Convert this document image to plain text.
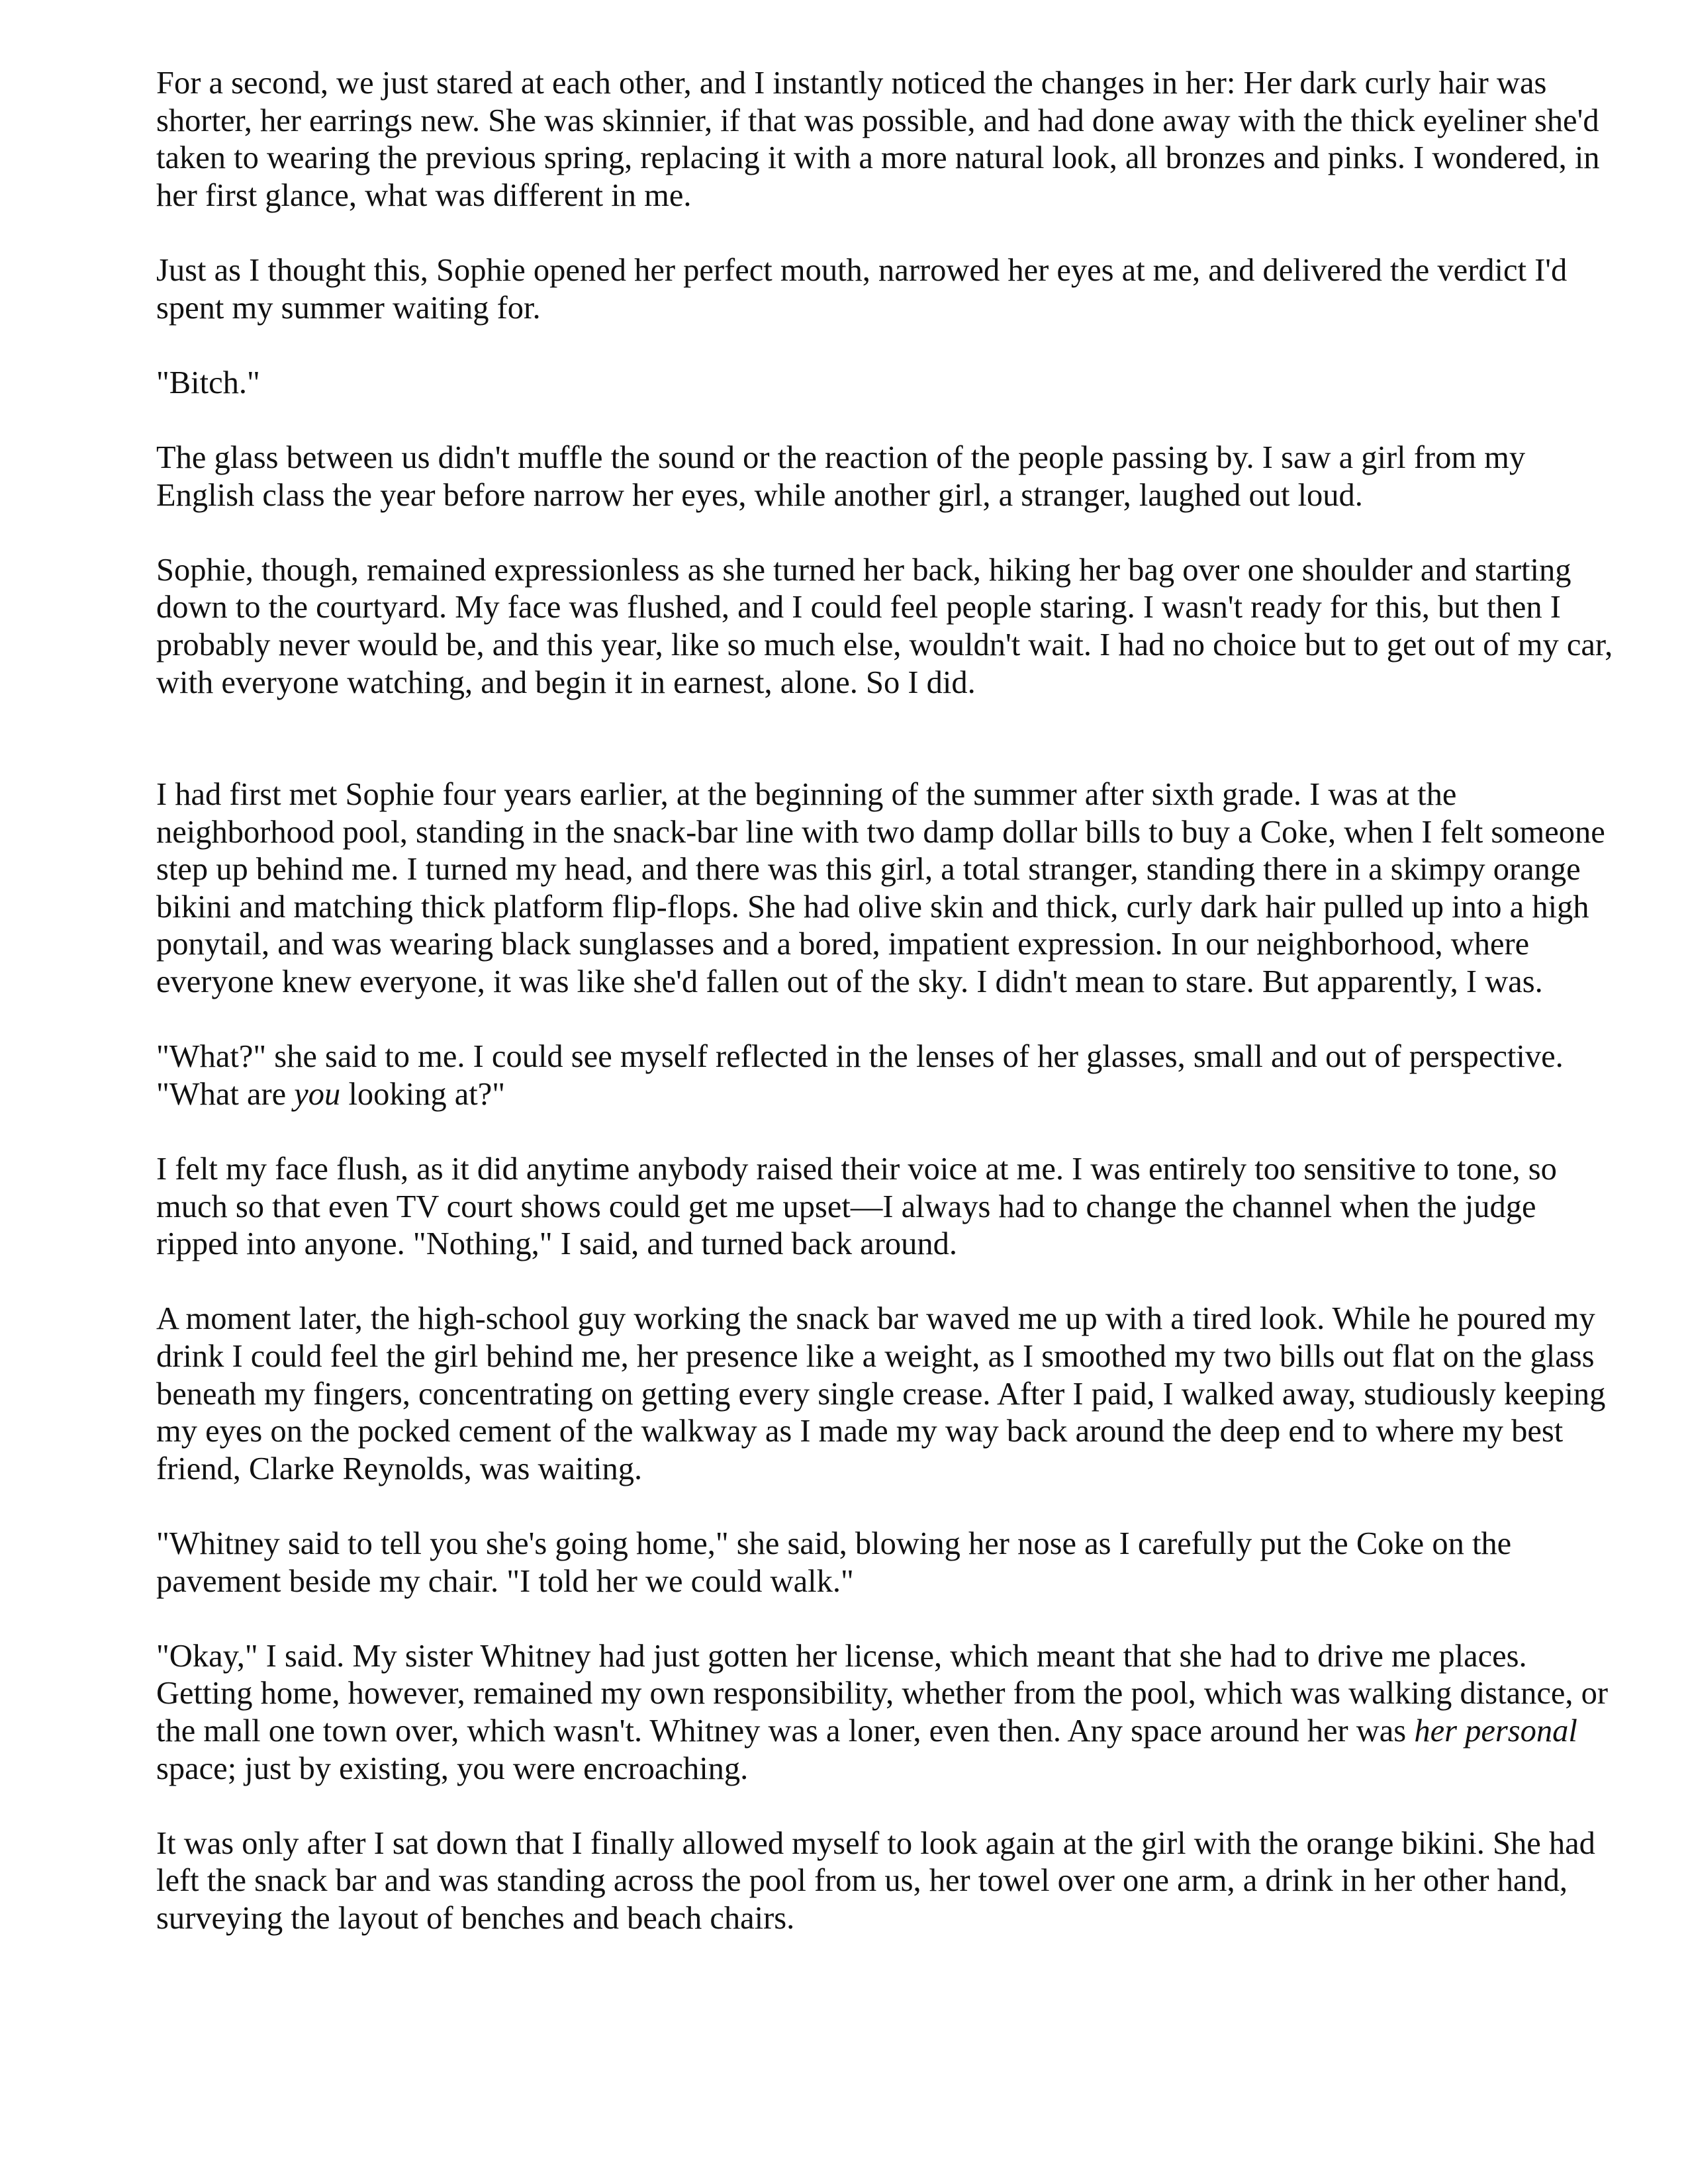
For a second, we just stared at each other, and I instantly noticed the changes in her: Her dark curly hair was shorter, her earrings new. She was skinnier, if that was possible, and had done away with the thick eyeliner she'd taken to wearing the previous spring, replacing it with a more natural look, all bronzes and pinks. I wondered, in her first glance, what was different in me.

Just as I thought this, Sophie opened her perfect mouth, narrowed her eyes at me, and delivered the verdict I'd spent my summer waiting for.

"Bitch."

The glass between us didn't muffle the sound or the reaction of the people passing by. I saw a girl from my English class the year before narrow her eyes, while another girl, a stranger, laughed out loud.

Sophie, though, remained expressionless as she turned her back, hiking her bag over one shoulder and starting down to the courtyard. My face was flushed, and I could feel people staring. I wasn't ready for this, but then I probably never would be, and this year, like so much else, wouldn't wait. I had no choice but to get out of my car, with everyone watching, and begin it in earnest, alone. So I did.

I had first met Sophie four years earlier, at the beginning of the summer after sixth grade. I was at the neighborhood pool, standing in the snack-bar line with two damp dollar bills to buy a Coke, when I felt someone step up behind me. I turned my head, and there was this girl, a total stranger, standing there in a skimpy orange bikini and matching thick platform flip-flops. She had olive skin and thick, curly dark hair pulled up into a high ponytail, and was wearing black sunglasses and a bored, impatient expression. In our neighborhood, where everyone knew everyone, it was like she'd fallen out of the sky. I didn't mean to stare. But apparently, I was.

"What?" she said to me. I could see myself reflected in the lenses of her glasses, small and out of perspective. "What are you looking at?"

I felt my face flush, as it did anytime anybody raised their voice at me. I was entirely too sensitive to tone, so much so that even TV court shows could get me upset—I always had to change the channel when the judge ripped into anyone. "Nothing," I said, and turned back around.

A moment later, the high-school guy working the snack bar waved me up with a tired look. While he poured my drink I could feel the girl behind me, her presence like a weight, as I smoothed my two bills out flat on the glass beneath my fingers, concentrating on getting every single crease. After I paid, I walked away, studiously keeping my eyes on the pocked cement of the walkway as I made my way back around the deep end to where my best friend, Clarke Reynolds, was waiting.

"Whitney said to tell you she's going home," she said, blowing her nose as I carefully put the Coke on the pavement beside my chair. "I told her we could walk."

"Okay," I said. My sister Whitney had just gotten her license, which meant that she had to drive me places. Getting home, however, remained my own responsibility, whether from the pool, which was walking distance, or the mall one town over, which wasn't. Whitney was a loner, even then. Any space around her was her personal space; just by existing, you were encroaching.

It was only after I sat down that I finally allowed myself to look again at the girl with the orange bikini. She had left the snack bar and was standing across the pool from us, her towel over one arm, a drink in her other hand, surveying the layout of benches and beach chairs.
